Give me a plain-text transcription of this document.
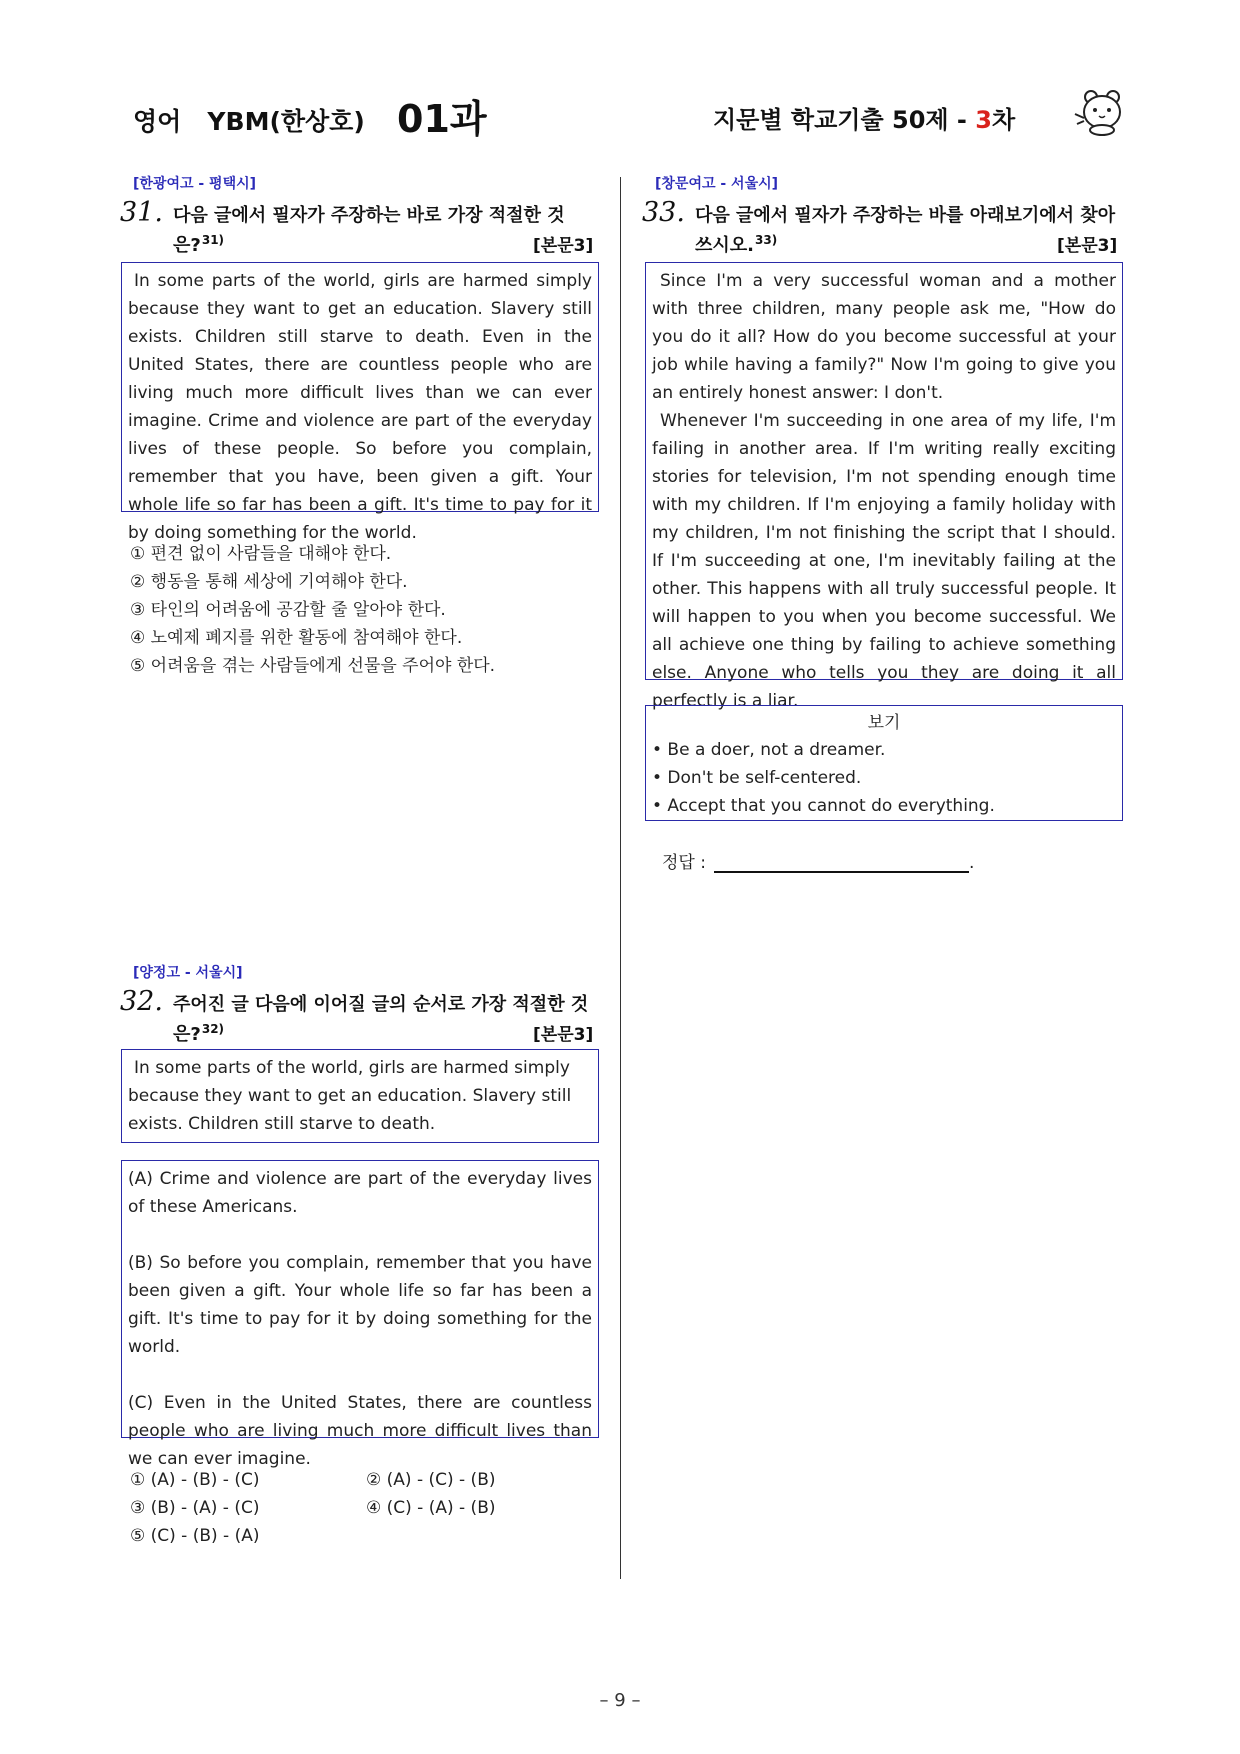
영어   YBM(한상호) 01과	지문별 학교기출 50제 - 3차
[한광여고 - 평택시]
31. 다음 글에서 필자가 주장하는 바로 가장 적절한 것
은?$^{31)}$	[본문3]

In some parts of the world, girls are harmed simply because they want to get an education. Slavery still exists. Children still starve to death. Even in the United States, there are countless people who are living much more difficult lives than we can ever imagine. Crime and violence are part of the everyday lives of these people. So before you complain, remember that you have, been given a gift. Your whole life so far has been a gift. It's time to pay for it by doing something for the world.

① 편견 없이 사람들을 대해야 한다.
② 행동을 통해 세상에 기여해야 한다.
③ 타인의 어려움에 공감할 줄 알아야 한다.
④ 노예제 폐지를 위한 활동에 참여해야 한다.
⑤ 어려움을 겪는 사람들에게 선물을 주어야 한다.
[양정고 - 서울시]
32. 주어진 글 다음에 이어질 글의 순서로 가장 적절한 것
은?$^{32)}$	[본문3]

In some parts of the world, girls are harmed simply because they want to get an education. Slavery still exists. Children still starve to death.

(A) Crime and violence are part of the everyday lives of these Americans.

(B) So before you complain, remember that you have been given a gift. Your whole life so far has been a gift. It's time to pay for it by doing something for the world.

(C) Even in the United States, there are countless people who are living much more difficult lives than we can ever imagine.

① (A) - (B) - (C)
③ (B) - (A) - (C)
⑤ (C) - (B) - (A)
② (A) - (C) - (B)
④ (C) - (A) - (B)
[창문여고 - 서울시]
33. 다음 글에서 필자가 주장하는 바를 아래보기에서 찾아
쓰시오.$^{33)}$	[본문3]

Since I'm a very successful woman and a mother with three children, many people ask me, "How do you do it all? How do you become successful at your job while having a family?" Now I'm going to give you an entirely honest answer: I don't.

Whenever I'm succeeding in one area of my life, I'm failing in another area. If I'm writing really exciting stories for television, I'm not spending enough time with my children. If I'm enjoying a family holiday with my children, I'm not finishing the script that I should. If I'm succeeding at one, I'm inevitably failing at the other. This happens with all truly successful people. It will happen to you when you become successful. We all achieve one thing by failing to achieve something else. Anyone who tells you they are doing it all perfectly is a liar.

보기
• Be a doer, not a dreamer.
• Don't be self-centered.
• Accept that you cannot do everything.
정답 :	.
– 9 –
